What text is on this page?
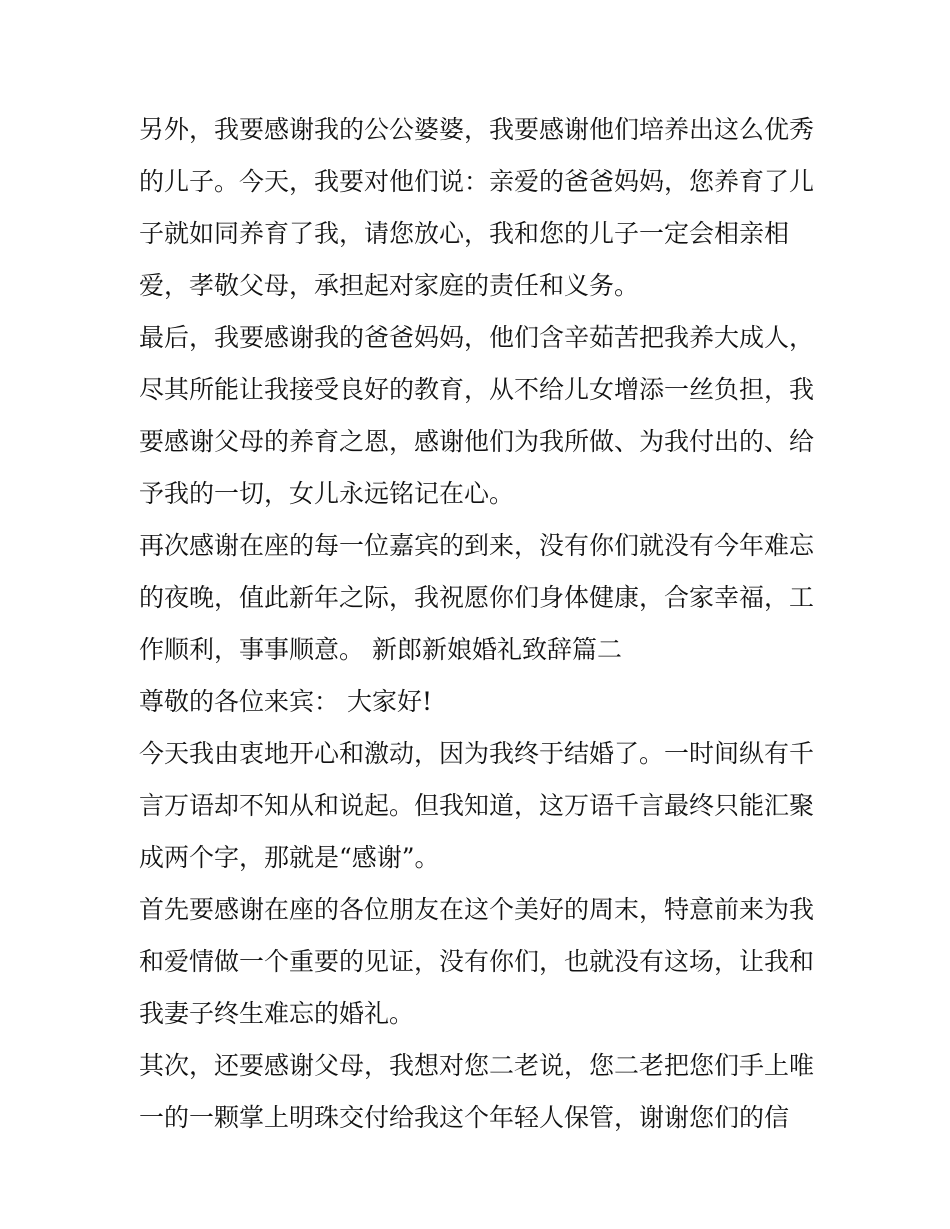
另外，我要感谢我的公公婆婆，我要感谢他们培养出这么优秀
的儿子。今天，我要对他们说：亲爱的爸爸妈妈，您养育了儿
子就如同养育了我，请您放心，我和您的儿子一定会相亲相
爱，孝敬父母，承担起对家庭的责任和义务。
最后，我要感谢我的爸爸妈妈，他们含辛茹苦把我养大成人，
尽其所能让我接受良好的教育，从不给儿女增添一丝负担，我
要感谢父母的养育之恩，感谢他们为我所做、为我付出的、给
予我的一切，女儿永远铭记在心。
再次感谢在座的每一位嘉宾的到来，没有你们就没有今年难忘
的夜晚，值此新年之际，我祝愿你们身体健康，合家幸福，工
作顺利，事事顺意。 新郎新娘婚礼致辞篇二
尊敬的各位来宾： 大家好!
今天我由衷地开心和激动，因为我终于结婚了。一时间纵有千
言万语却不知从和说起。但我知道，这万语千言最终只能汇聚
成两个字，那就是“感谢”。
首先要感谢在座的各位朋友在这个美好的周末，特意前来为我
和爱情做一个重要的见证，没有你们，也就没有这场，让我和
我妻子终生难忘的婚礼。
其次，还要感谢父母，我想对您二老说，您二老把您们手上唯
一的一颗掌上明珠交付给我这个年轻人保管，谢谢您们的信
